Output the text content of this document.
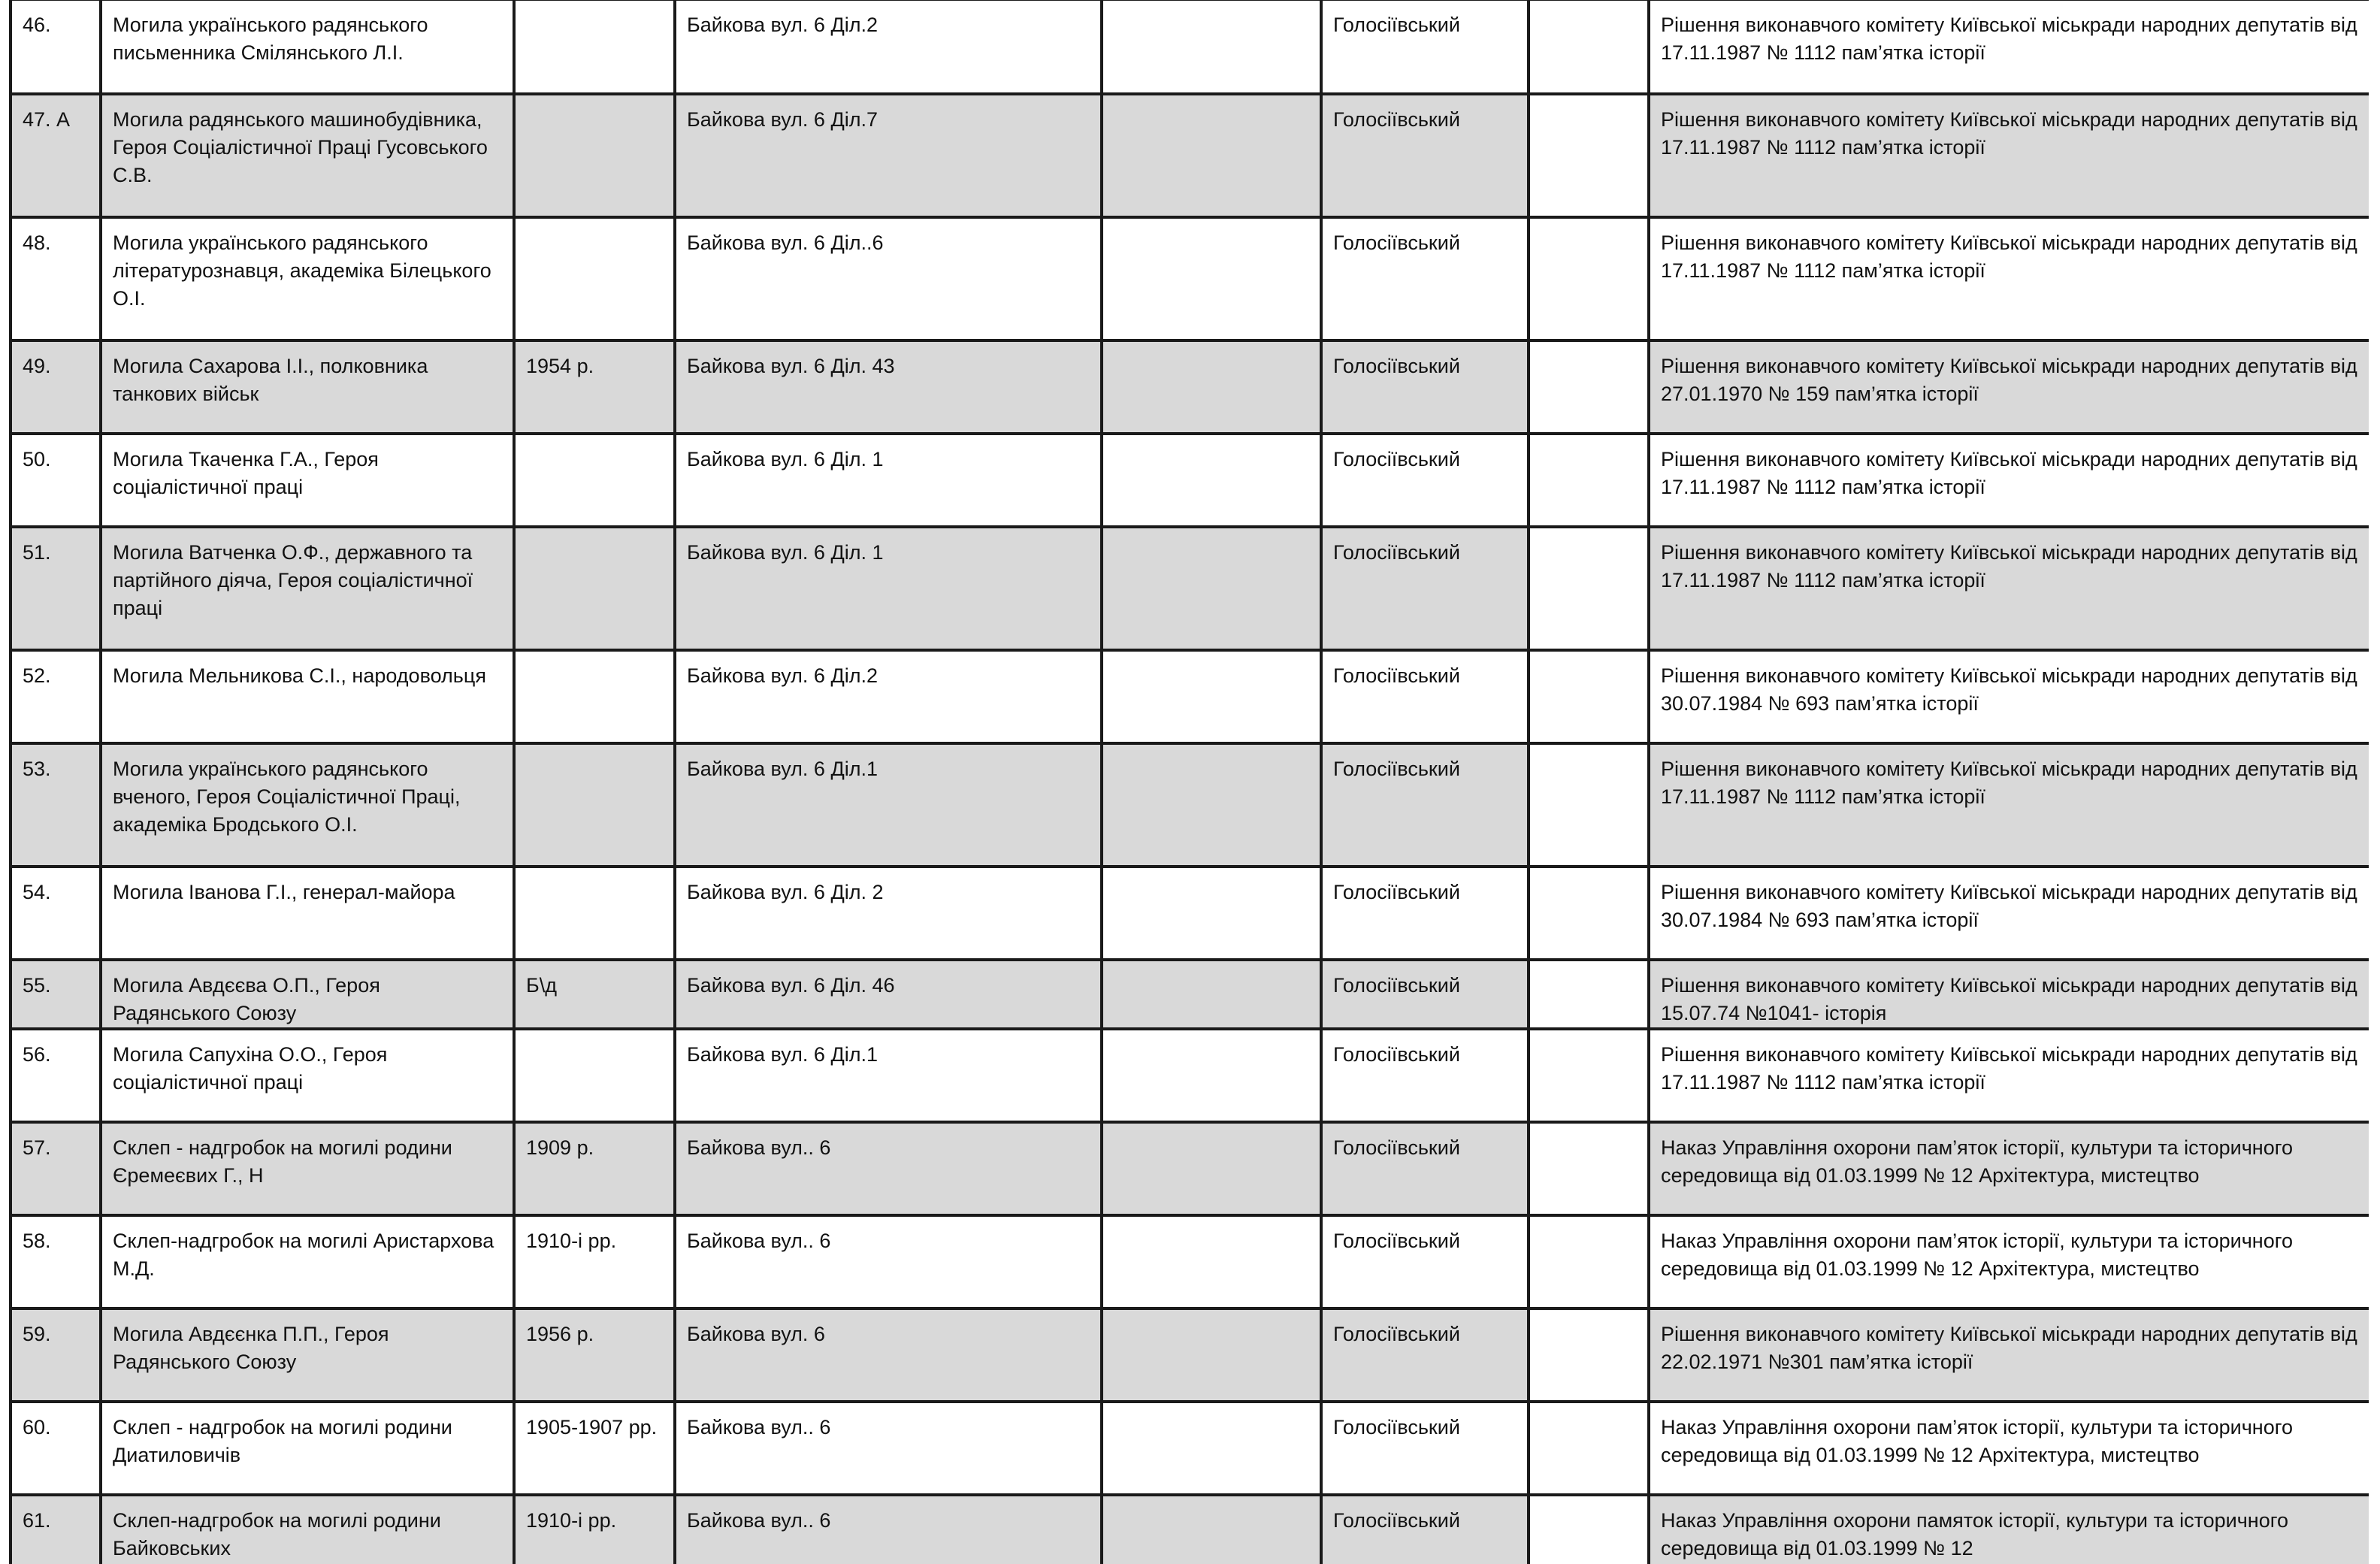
46.	Могила українського радянського письменника Смілянського Л.І.		Байкова вул. 6 Діл.2		Голосіївський		Рішення виконавчого комітету Київської міськради народних депутатів від 17.11.1987 № 1112 пам’ятка історії
47. А	Могила радянського машинобудівника, Героя Соціалістичної Праці Гусовського С.В.		Байкова вул. 6 Діл.7		Голосіївський		Рішення виконавчого комітету Київської міськради народних депутатів від 17.11.1987 № 1112 пам’ятка історії
48.	Могила українського радянського літературознавця, академіка Білецького О.І.		Байкова вул. 6 Діл..6		Голосіївський		Рішення виконавчого комітету Київської міськради народних депутатів від 17.11.1987 № 1112 пам’ятка історії
49.	Могила Сахарова І.І., полковника танкових військ	1954 р.	Байкова вул. 6 Діл. 43		Голосіївський		Рішення виконавчого комітету Київської міськради народних депутатів від 27.01.1970 № 159 пам’ятка історії
50.	Могила Ткаченка Г.А., Героя соціалістичної праці		Байкова вул. 6 Діл. 1		Голосіївський		Рішення виконавчого комітету Київської міськради народних депутатів від 17.11.1987 № 1112 пам’ятка історії
51.	Могила Ватченка О.Ф., державного та партійного діяча, Героя соціалістичної праці		Байкова вул. 6 Діл. 1		Голосіївський		Рішення виконавчого комітету Київської міськради народних депутатів від 17.11.1987 № 1112 пам’ятка історії
52.	Могила Мельникова С.І., народовольця		Байкова вул. 6 Діл.2		Голосіївський		Рішення виконавчого комітету Київської міськради народних депутатів від 30.07.1984 № 693 пам’ятка історії
53.	Могила українського радянського вченого, Героя Соціалістичної Праці, академіка Бродського О.І.		Байкова вул. 6 Діл.1		Голосіївський		Рішення виконавчого комітету Київської міськради народних депутатів від 17.11.1987 № 1112 пам’ятка історії
54.	Могила Іванова Г.І., генерал-майора		Байкова вул. 6 Діл. 2		Голосіївський		Рішення виконавчого комітету Київської міськради народних депутатів від 30.07.1984 № 693 пам’ятка історії
55.	Могила Авдєєва О.П., Героя Радянського Союзу	Б\д	Байкова вул. 6 Діл. 46		Голосіївський		Рішення виконавчого комітету Київської міськради народних депутатів від 15.07.74 №1041- історія
56.	Могила Сапухіна О.О., Героя соціалістичної праці		Байкова вул. 6 Діл.1		Голосіївський		Рішення виконавчого комітету Київської міськради народних депутатів від 17.11.1987 № 1112 пам’ятка історії
57.	Склеп - надгробок на могилі родини Єремеєвих Г., Н	1909 р.	Байкова вул.. 6		Голосіївський		Наказ Управління охорони пам’яток історії, культури та історичного середовища від 01.03.1999 № 12 Архітектура, мистецтво
58.	Склеп-надгробок на могилі Аристархова М.Д.	1910-і рр.	Байкова вул.. 6		Голосіївський		Наказ Управління охорони пам’яток історії, культури та історичного середовища від 01.03.1999 № 12 Архітектура, мистецтво
59.	Могила Авдєєнка П.П., Героя Радянського Союзу	1956 р.	Байкова вул. 6		Голосіївський		Рішення виконавчого комітету Київської міськради народних депутатів від 22.02.1971 №301 пам’ятка історії
60.	Склеп - надгробок на могилі родини Диатиловичів	1905-1907 рр.	Байкова вул.. 6		Голосіївський		Наказ Управління охорони пам’яток історії, культури та історичного середовища від 01.03.1999 № 12 Архітектура, мистецтво
61.	Склеп-надгробок на могилі родини Байковських	1910-і рр.	Байкова вул.. 6		Голосіївський		Наказ Управління охорони памяток історії, культури та історичного середовища від 01.03.1999 № 12
